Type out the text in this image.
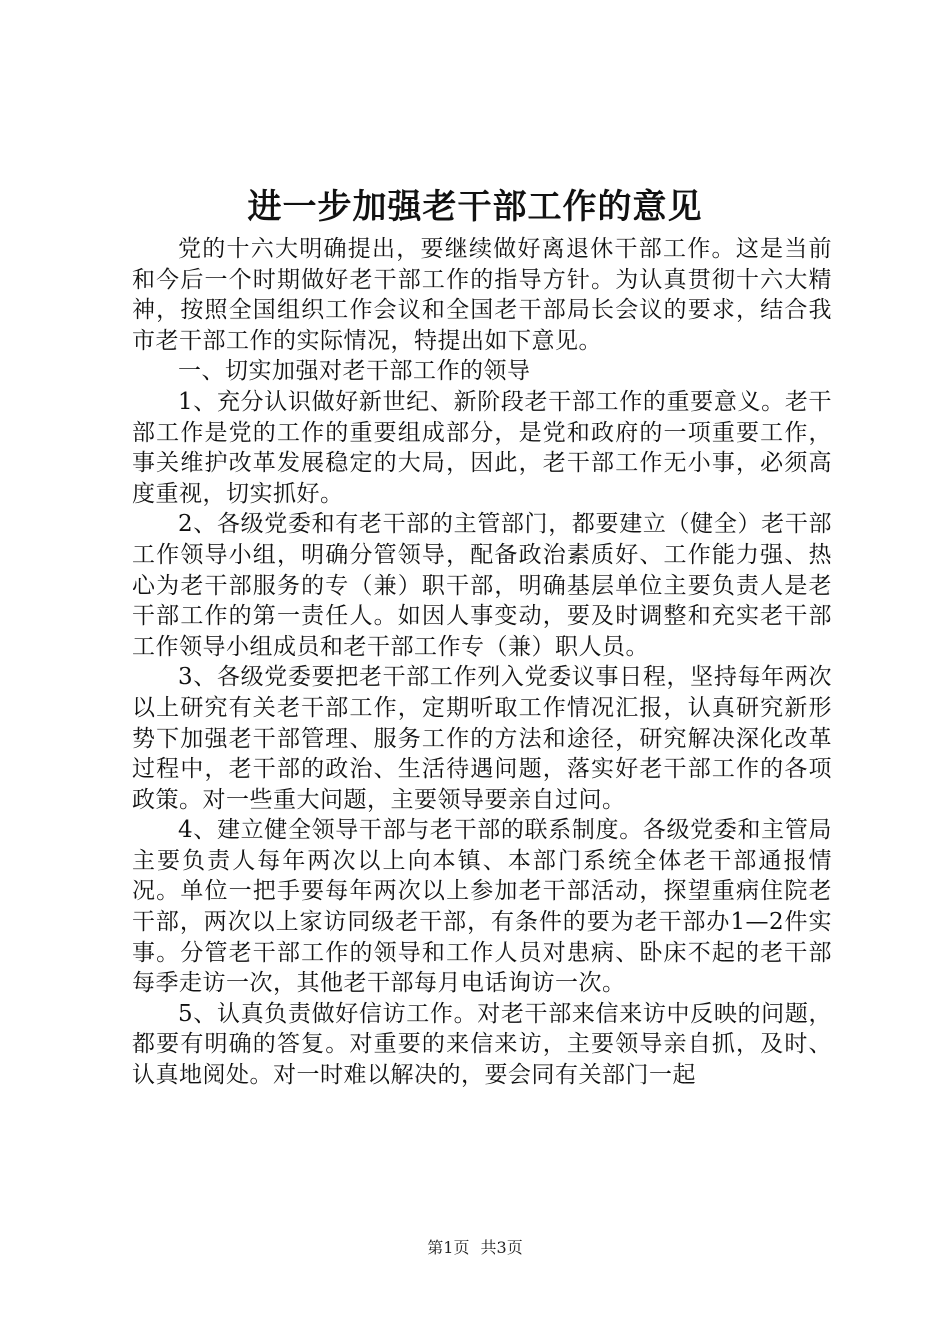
进一步加强老干部工作的意见

党的十六大明确提出，要继续做好离退休干部工作。这是当前和今后一个时期做好老干部工作的指导方针。为认真贯彻十六大精神，按照全国组织工作会议和全国老干部局长会议的要求，结合我市老干部工作的实际情况，特提出如下意见。

一、切实加强对老干部工作的领导

1、充分认识做好新世纪、新阶段老干部工作的重要意义。老干部工作是党的工作的重要组成部分，是党和政府的一项重要工作，事关维护改革发展稳定的大局，因此，老干部工作无小事，必须高度重视，切实抓好。

2、各级党委和有老干部的主管部门，都要建立（健全）老干部工作领导小组，明确分管领导，配备政治素质好、工作能力强、热心为老干部服务的专（兼）职干部，明确基层单位主要负责人是老干部工作的第一责任人。如因人事变动，要及时调整和充实老干部工作领导小组成员和老干部工作专（兼）职人员。

3、各级党委要把老干部工作列入党委议事日程，坚持每年两次以上研究有关老干部工作，定期听取工作情况汇报，认真研究新形势下加强老干部管理、服务工作的方法和途径，研究解决深化改革过程中，老干部的政治、生活待遇问题，落实好老干部工作的各项政策。对一些重大问题，主要领导要亲自过问。

4、建立健全领导干部与老干部的联系制度。各级党委和主管局主要负责人每年两次以上向本镇、本部门系统全体老干部通报情况。单位一把手要每年两次以上参加老干部活动，探望重病住院老干部，两次以上家访同级老干部，有条件的要为老干部办1—2件实事。分管老干部工作的领导和工作人员对患病、卧床不起的老干部每季走访一次，其他老干部每月电话询访一次。

5、认真负责做好信访工作。对老干部来信来访中反映的问题，都要有明确的答复。对重要的来信来访，主要领导亲自抓，及时、认真地阅处。对一时难以解决的，要会同有关部门一起

第1页 共3页
